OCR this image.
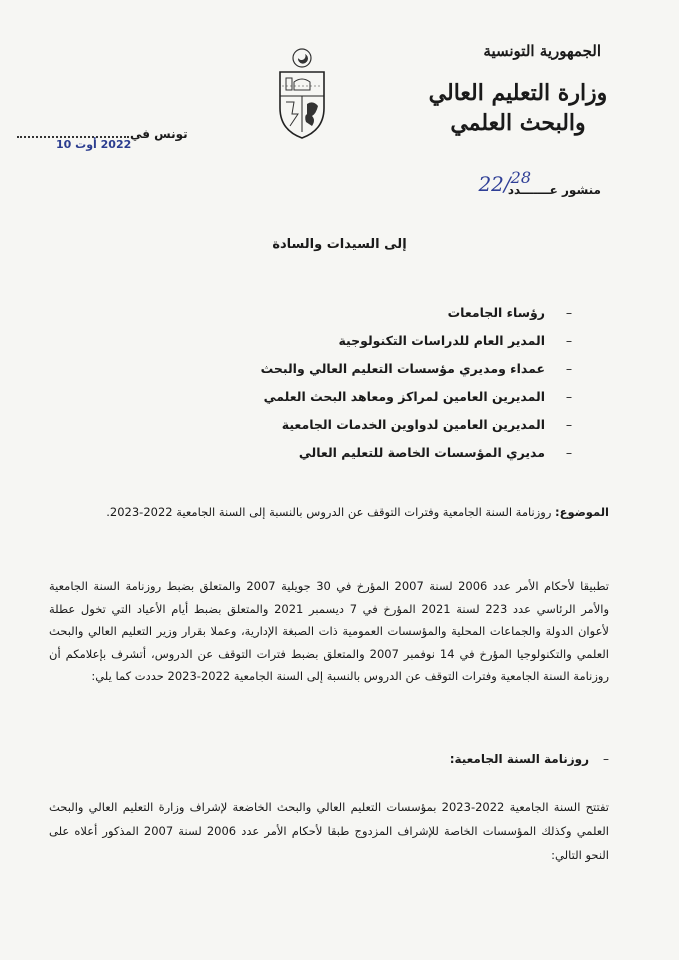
الجمهورية التونسية
وزارة التعليم العالي
والبحث العلمي
تونس في
2022 أوت 10
منشور عـــــــدد
22/$^{28}$
إلى السيدات والسادة
–
رؤساء الجامعات
–
المدير العام للدراسات التكنولوجية
–
عمداء ومديري مؤسسات التعليم العالي والبحث
–
المديرين العامين لمراكز ومعاهد البحث العلمي
–
المديرين العامين لدواوين الخدمات الجامعية
–
مديري المؤسسات الخاصة للتعليم العالي
الموضوع: روزنامة السنة الجامعية وفترات التوقف عن الدروس بالنسبة إلى السنة الجامعية 2022-2023.
تطبيقا لأحكام الأمر عدد 2006 لسنة 2007 المؤرخ في 30 جويلية 2007 والمتعلق بضبط روزنامة السنة الجامعية والأمر الرئاسي عدد 223 لسنة 2021 المؤرخ في 7 ديسمبر 2021 والمتعلق بضبط أيام الأعياد التي تخول عطلة لأعوان الدولة والجماعات المحلية والمؤسسات العمومية ذات الصبغة الإدارية، وعملا بقرار وزير التعليم العالي والبحث العلمي والتكنولوجيا المؤرخ في 14 نوفمبر 2007 والمتعلق بضبط فترات التوقف عن الدروس، أتشرف بإعلامكم أن روزنامة السنة الجامعية وفترات التوقف عن الدروس بالنسبة إلى السنة الجامعية 2022-2023 حددت كما يلي:
–روزنامة السنة الجامعية:
تفتتح السنة الجامعية 2022-2023 بمؤسسات التعليم العالي والبحث الخاضعة لإشراف وزارة التعليم العالي والبحث العلمي وكذلك المؤسسات الخاصة للإشراف المزدوج طبقا لأحكام الأمر عدد 2006 لسنة 2007 المذكور أعلاه على النحو التالي:
